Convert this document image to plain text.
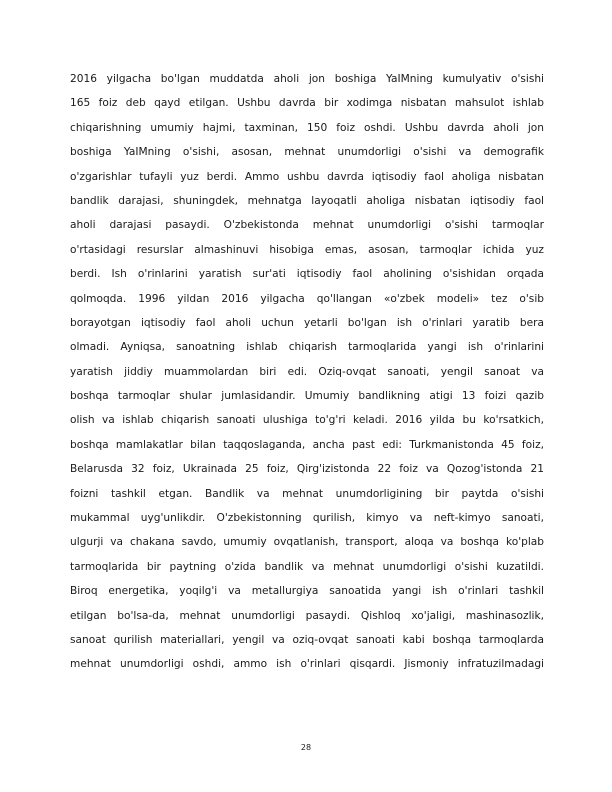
2016 yilgacha bo'lgan muddatda aholi jon boshiga YaIMning kumulyativ o'sishi
165 foiz deb qayd etilgan. Ushbu davrda bir xodimga nisbatan mahsulot ishlab
chiqarishning umumiy hajmi, taxminan, 150 foiz oshdi. Ushbu davrda aholi jon
boshiga YaIMning o'sishi, asosan, mehnat unumdorligi o'sishi va demografik
o'zgarishlar tufayli yuz berdi. Ammo ushbu davrda iqtisodiy faol aholiga nisbatan
bandlik darajasi, shuningdek, mehnatga layoqatli aholiga nisbatan iqtisodiy faol
aholi darajasi pasaydi. O'zbekistonda mehnat unumdorligi o'sishi tarmoqlar
o'rtasidagi resurslar almashinuvi hisobiga emas, asosan, tarmoqlar ichida yuz
berdi. Ish o'rinlarini yaratish sur'ati iqtisodiy faol aholining o'sishidan orqada
qolmoqda. 1996 yildan 2016 yilgacha qo'llangan «o'zbek modeli» tez o'sib
borayotgan iqtisodiy faol aholi uchun yetarli bo'lgan ish o'rinlari yaratib bera
olmadi. Ayniqsa, sanoatning ishlab chiqarish tarmoqlarida yangi ish o'rinlarini
yaratish jiddiy muammolardan biri edi. Oziq-ovqat sanoati, yengil sanoat va
boshqa tarmoqlar shular jumlasidandir. Umumiy bandlikning atigi 13 foizi qazib
olish va ishlab chiqarish sanoati ulushiga to'g'ri keladi. 2016 yilda bu ko'rsatkich,
boshqa mamlakatlar bilan taqqoslaganda, ancha past edi: Turkmanistonda 45 foiz,
Belarusda 32 foiz, Ukrainada 25 foiz, Qirg'izistonda 22 foiz va Qozog'istonda 21
foizni tashkil etgan. Bandlik va mehnat unumdorligining bir paytda o'sishi
mukammal uyg'unlikdir. O'zbekistonning qurilish, kimyo va neft-kimyo sanoati,
ulgurji va chakana savdo, umumiy ovqatlanish, transport, aloqa va boshqa ko'plab
tarmoqlarida bir paytning o'zida bandlik va mehnat unumdorligi o'sishi kuzatildi.
Biroq energetika, yoqilg'i va metallurgiya sanoatida yangi ish o'rinlari tashkil
etilgan bo'lsa-da, mehnat unumdorligi pasaydi. Qishloq xo'jaligi, mashinasozlik,
sanoat qurilish materiallari, yengil va oziq-ovqat sanoati kabi boshqa tarmoqlarda
mehnat unumdorligi oshdi, ammo ish o'rinlari qisqardi. Jismoniy infratuzilmadagi
28
